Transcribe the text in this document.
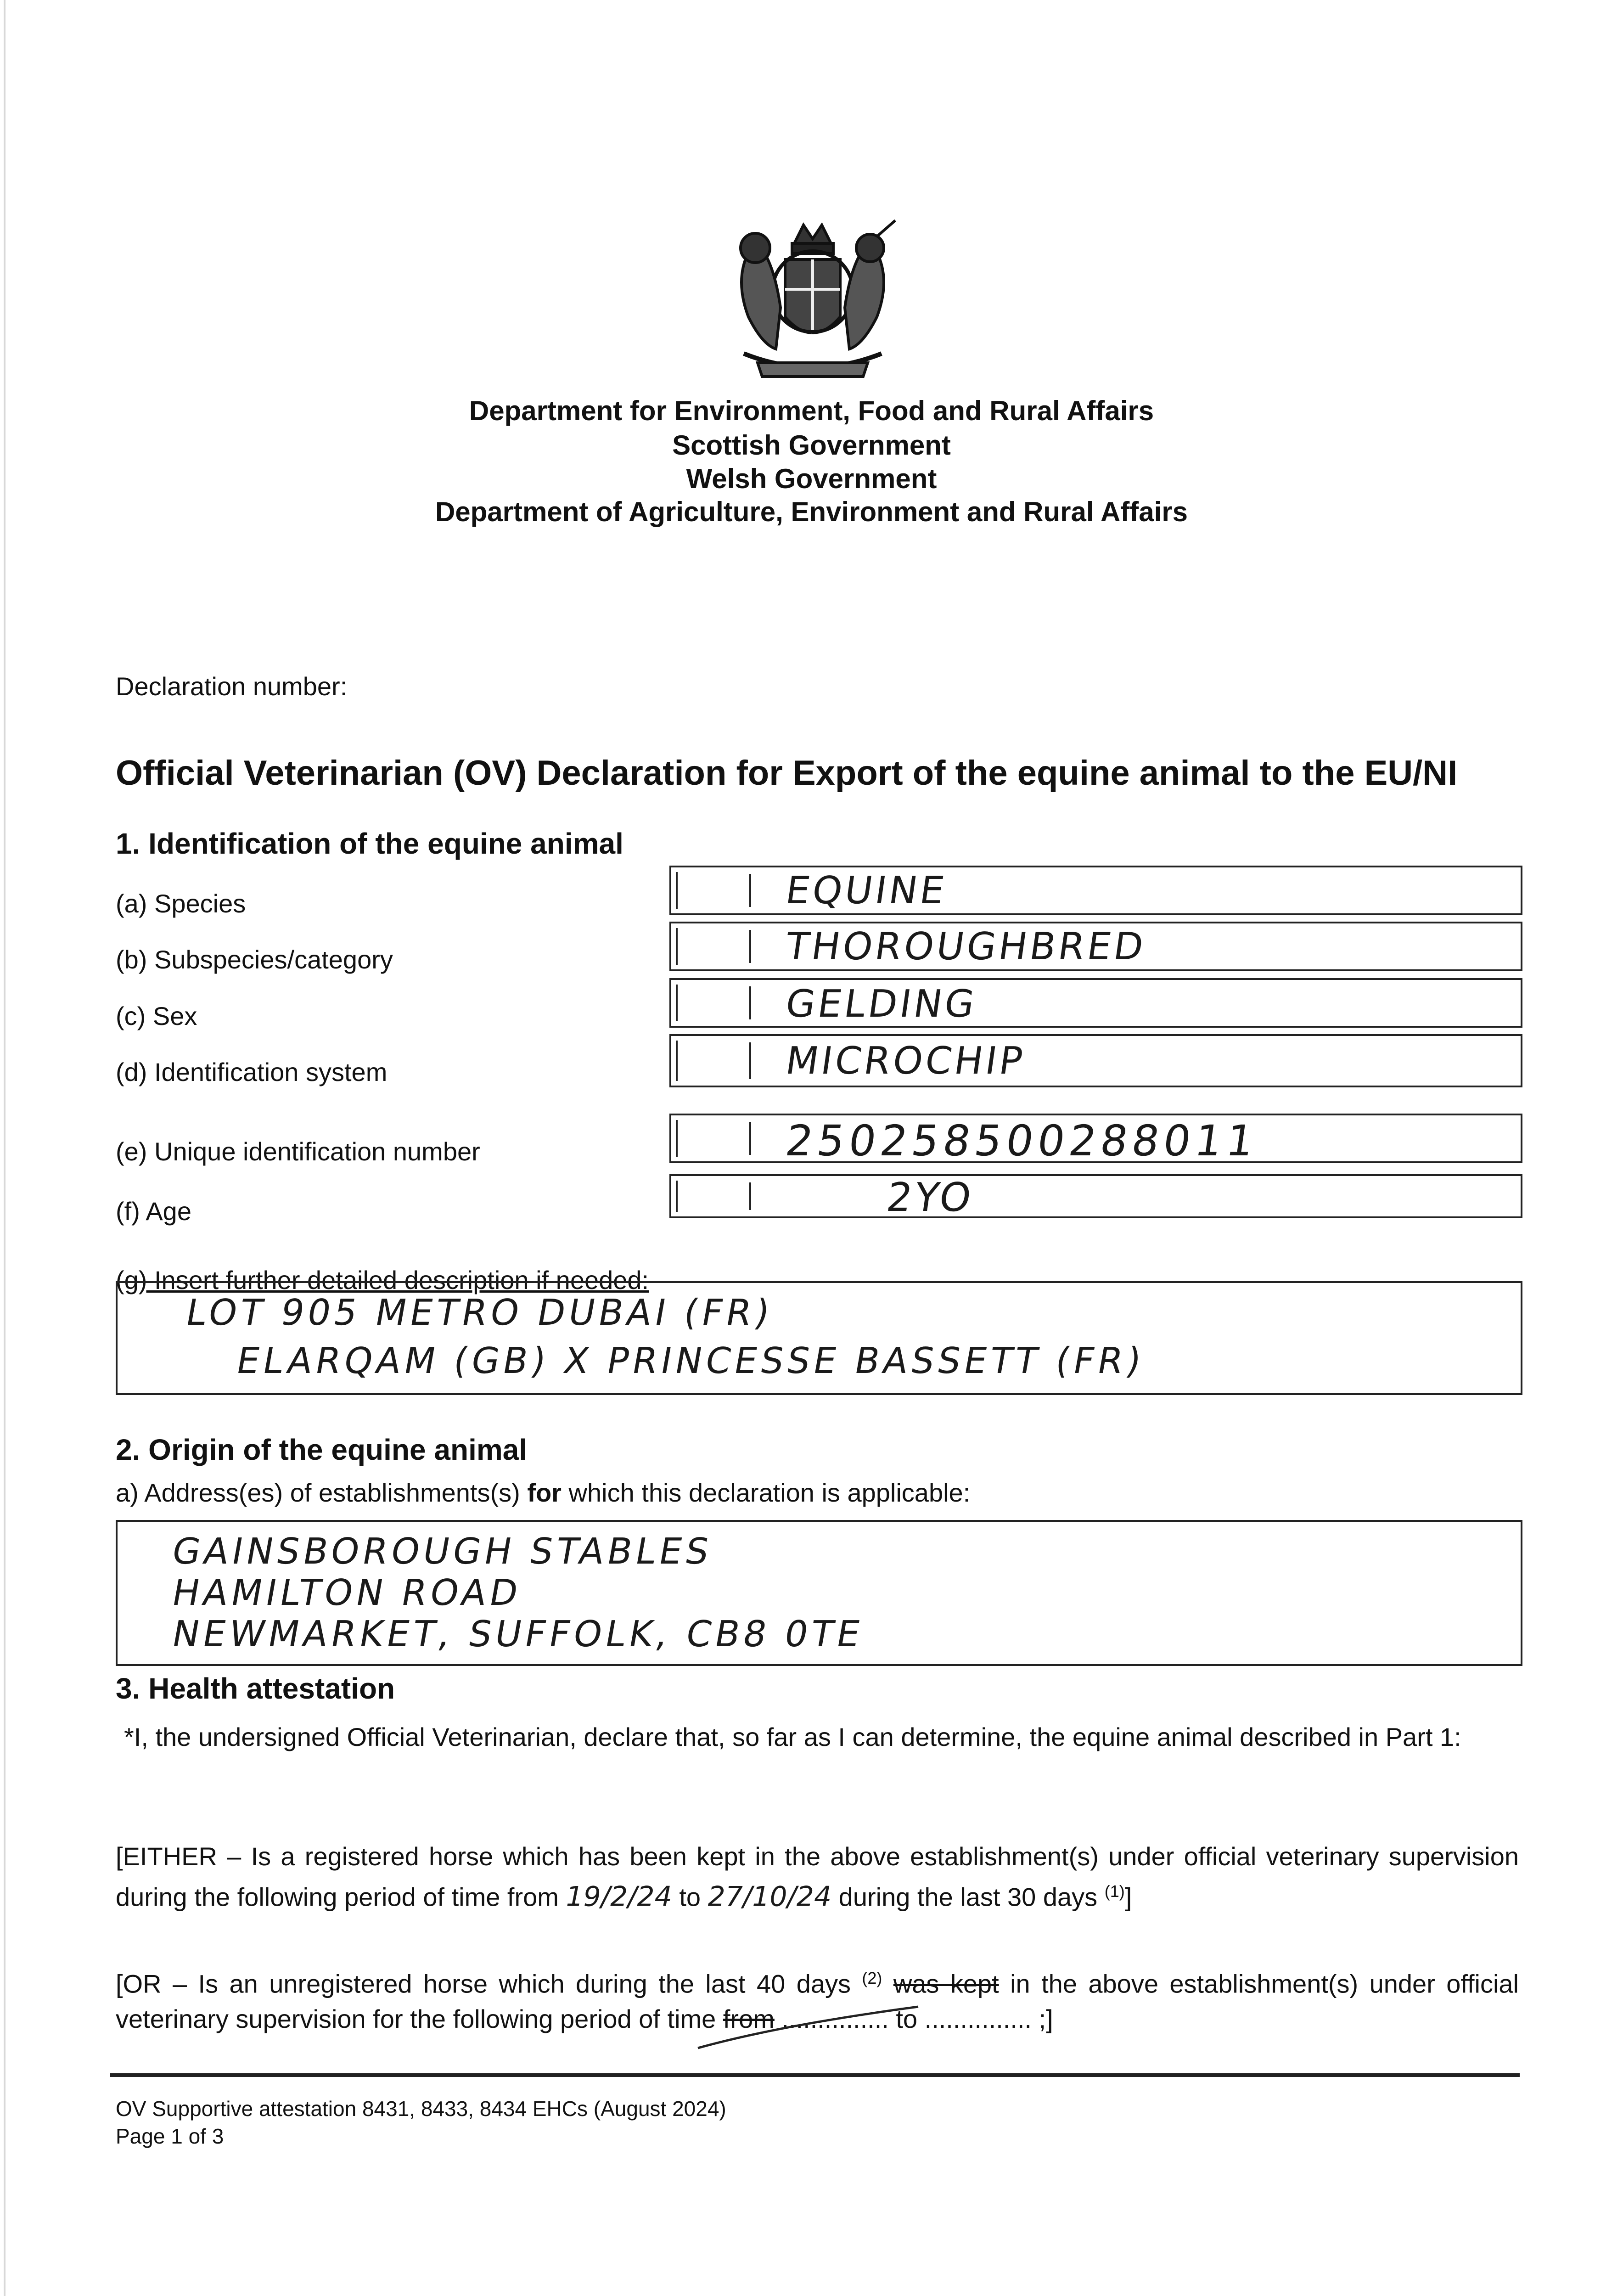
Department for Environment, Food and Rural Affairs
Scottish Government
Welsh Government
Department of Agriculture, Environment and Rural Affairs
Declaration number:
Official Veterinarian (OV) Declaration for Export of the equine animal to the EU/NI
1. Identification of the equine animal
(a) Species	EQUINE
(b) Subspecies/category	THOROUGHBRED
(c) Sex	GELDING
(d) Identification system	MICROCHIP
(e) Unique identification number	250258500288011
(f) Age	2YO
(g) Insert further detailed description if needed:
LOT 905 METRO DUBAI (FR)
ELARQAM (GB) X PRINCESSE BASSETT (FR)
2. Origin of the equine animal
a) Address(es) of establishments(s) for which this declaration is applicable:
GAINSBOROUGH STABLES
HAMILTON ROAD
NEWMARKET, SUFFOLK, CB8 0TE
3. Health attestation
*I, the undersigned Official Veterinarian, declare that, so far as I can determine, the equine animal described in Part 1:
[EITHER – Is a registered horse which has been kept in the above establishment(s) under official veterinary supervision during the following period of time from 19/2/24 to 27/10/24 during the last 30 days $^{(1)}$]
[OR – Is an unregistered horse which during the last 40 days $^{(2)}$ was kept in the above establishment(s) under official veterinary supervision for the following period of time from ............... to ............... ;]
OV Supportive attestation 8431, 8433, 8434 EHCs (August 2024)
Page 1 of 3
